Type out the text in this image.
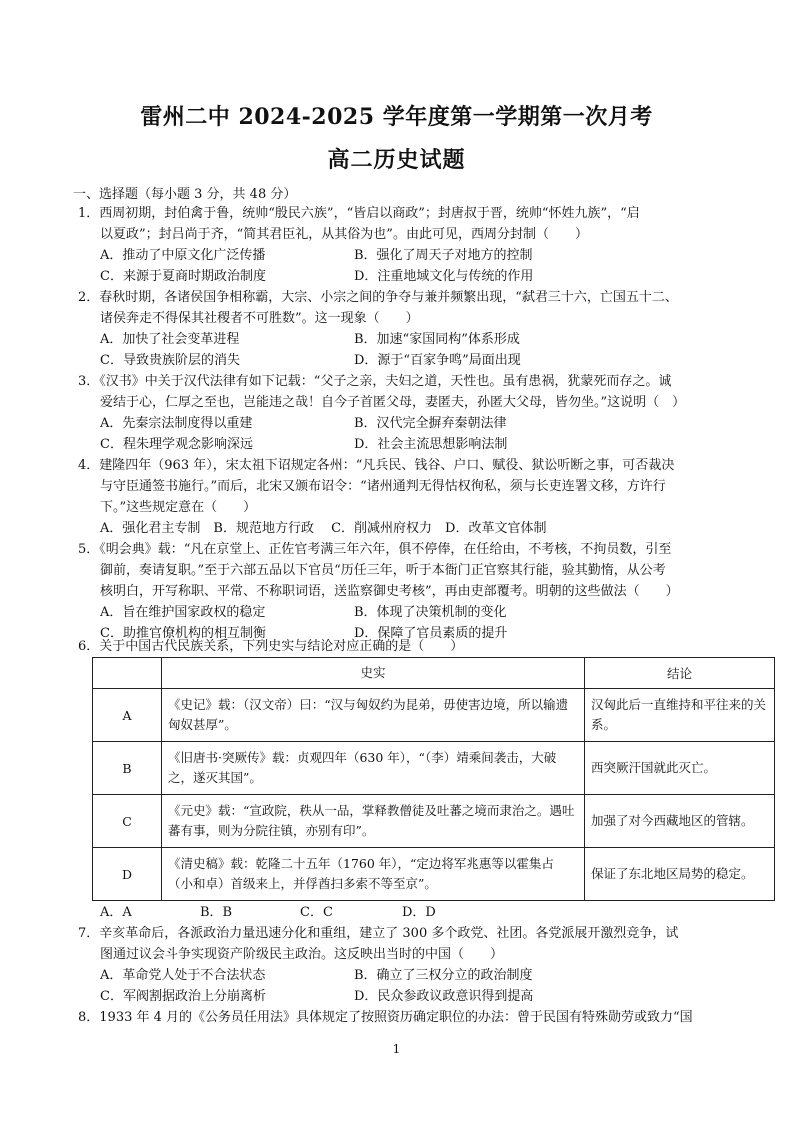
雷州二中 2024-2025 学年度第一学期第一次月考
高二历史试题
一、选择题（每小题 3 分，共 48 分）
1．西周初期，封伯禽于鲁，统帅“殷民六族”，“皆启以商政”；封唐叔于晋，统帅“怀姓九族”，“启
以夏政”；封吕尚于齐，“简其君臣礼，从其俗为也”。由此可见，西周分封制（　　）
A．推动了中原文化广泛传播	B．强化了周天子对地方的控制
C．来源于夏商时期政治制度	D．注重地域文化与传统的作用
2．春秋时期，各诸侯国争相称霸，大宗、小宗之间的争夺与兼并频繁出现，“弑君三十六，亡国五十二、
诸侯奔走不得保其社稷者不可胜数”。这一现象（　　）
A．加快了社会变革进程	B．加速“家国同构”体系形成
C．导致贵族阶层的消失	D．源于“百家争鸣”局面出现
3．《汉书》中关于汉代法律有如下记载：“父子之亲，夫妇之道，天性也。虽有患祸，犹蒙死而存之。诚
爱结于心，仁厚之至也，岂能违之哉！自今子首匿父母，妻匿夫，孙匿大父母，皆勿坐。”这说明（　）
A．先秦宗法制度得以重建	B．汉代完全摒弃秦朝法律
C．程朱理学观念影响深远	D．社会主流思想影响法制
4．建隆四年（963 年），宋太祖下诏规定各州：“凡兵民、钱谷、户口、赋役、狱讼听断之事，可否裁决
与守臣通签书施行。”而后，北宋又颁布诏令：“诸州通判无得怙权徇私，须与长吏连署文移，方许行
下。”这些规定意在（　　）
A．强化君主专制　B．规范地方行政　 C．削减州府权力　D．改革文官体制
5．《明会典》载：“凡在京堂上、正佐官考满三年六年，俱不停俸，在任给由，不考核，不拘员数，引至
御前，奏请复职。”至于六部五品以下官员“历任三年，听于本衙门正官察其行能，验其勤惰，从公考
核明白，开写称职、平常、不称职词语，送监察御史考核”，再由吏部覆考。明朝的这些做法（　　）
A．旨在维护国家政权的稳定	B．体现了决策机制的变化
C．助推官僚机构的相互制衡	D．保障了官员素质的提升
6．关于中国古代民族关系，下列史实与结论对应正确的是（　　）
	史实	结论
A	《史记》载：（汉文帝）曰：“汉与匈奴约为昆弟，毋使害边境，所以输遗匈奴甚厚”。	汉匈此后一直维持和平往来的关系。
B	《旧唐书·突厥传》载：贞观四年（630 年），“（李）靖乘间袭击，大破之，遂灭其国”。	西突厥汗国就此灭亡。
C	《元史》载：“宣政院，秩从一品，掌释教僧徒及吐蕃之境而隶治之。遇吐蕃有事，则为分院往镇，亦别有印”。	加强了对今西藏地区的管辖。
D	《清史稿》载：乾隆二十五年（1760 年），“定边将军兆惠等以霍集占（小和卓）首级来上，并俘酋扫多索不等至京”。	保证了东北地区局势的稳定。
A．A	B．B	C．C	D．D
7．辛亥革命后，各派政治力量迅速分化和重组，建立了 300 多个政党、社团。各党派展开激烈竞争，试
图通过议会斗争实现资产阶级民主政治。这反映出当时的中国（　　）
A．革命党人处于不合法状态	B．确立了三权分立的政治制度
C．军阀割据政治上分崩离析	D．民众参政议政意识得到提高
8．1933 年 4 月的《公务员任用法》具体规定了按照资历确定职位的办法：曾于民国有特殊勋劳或致力“国
1
